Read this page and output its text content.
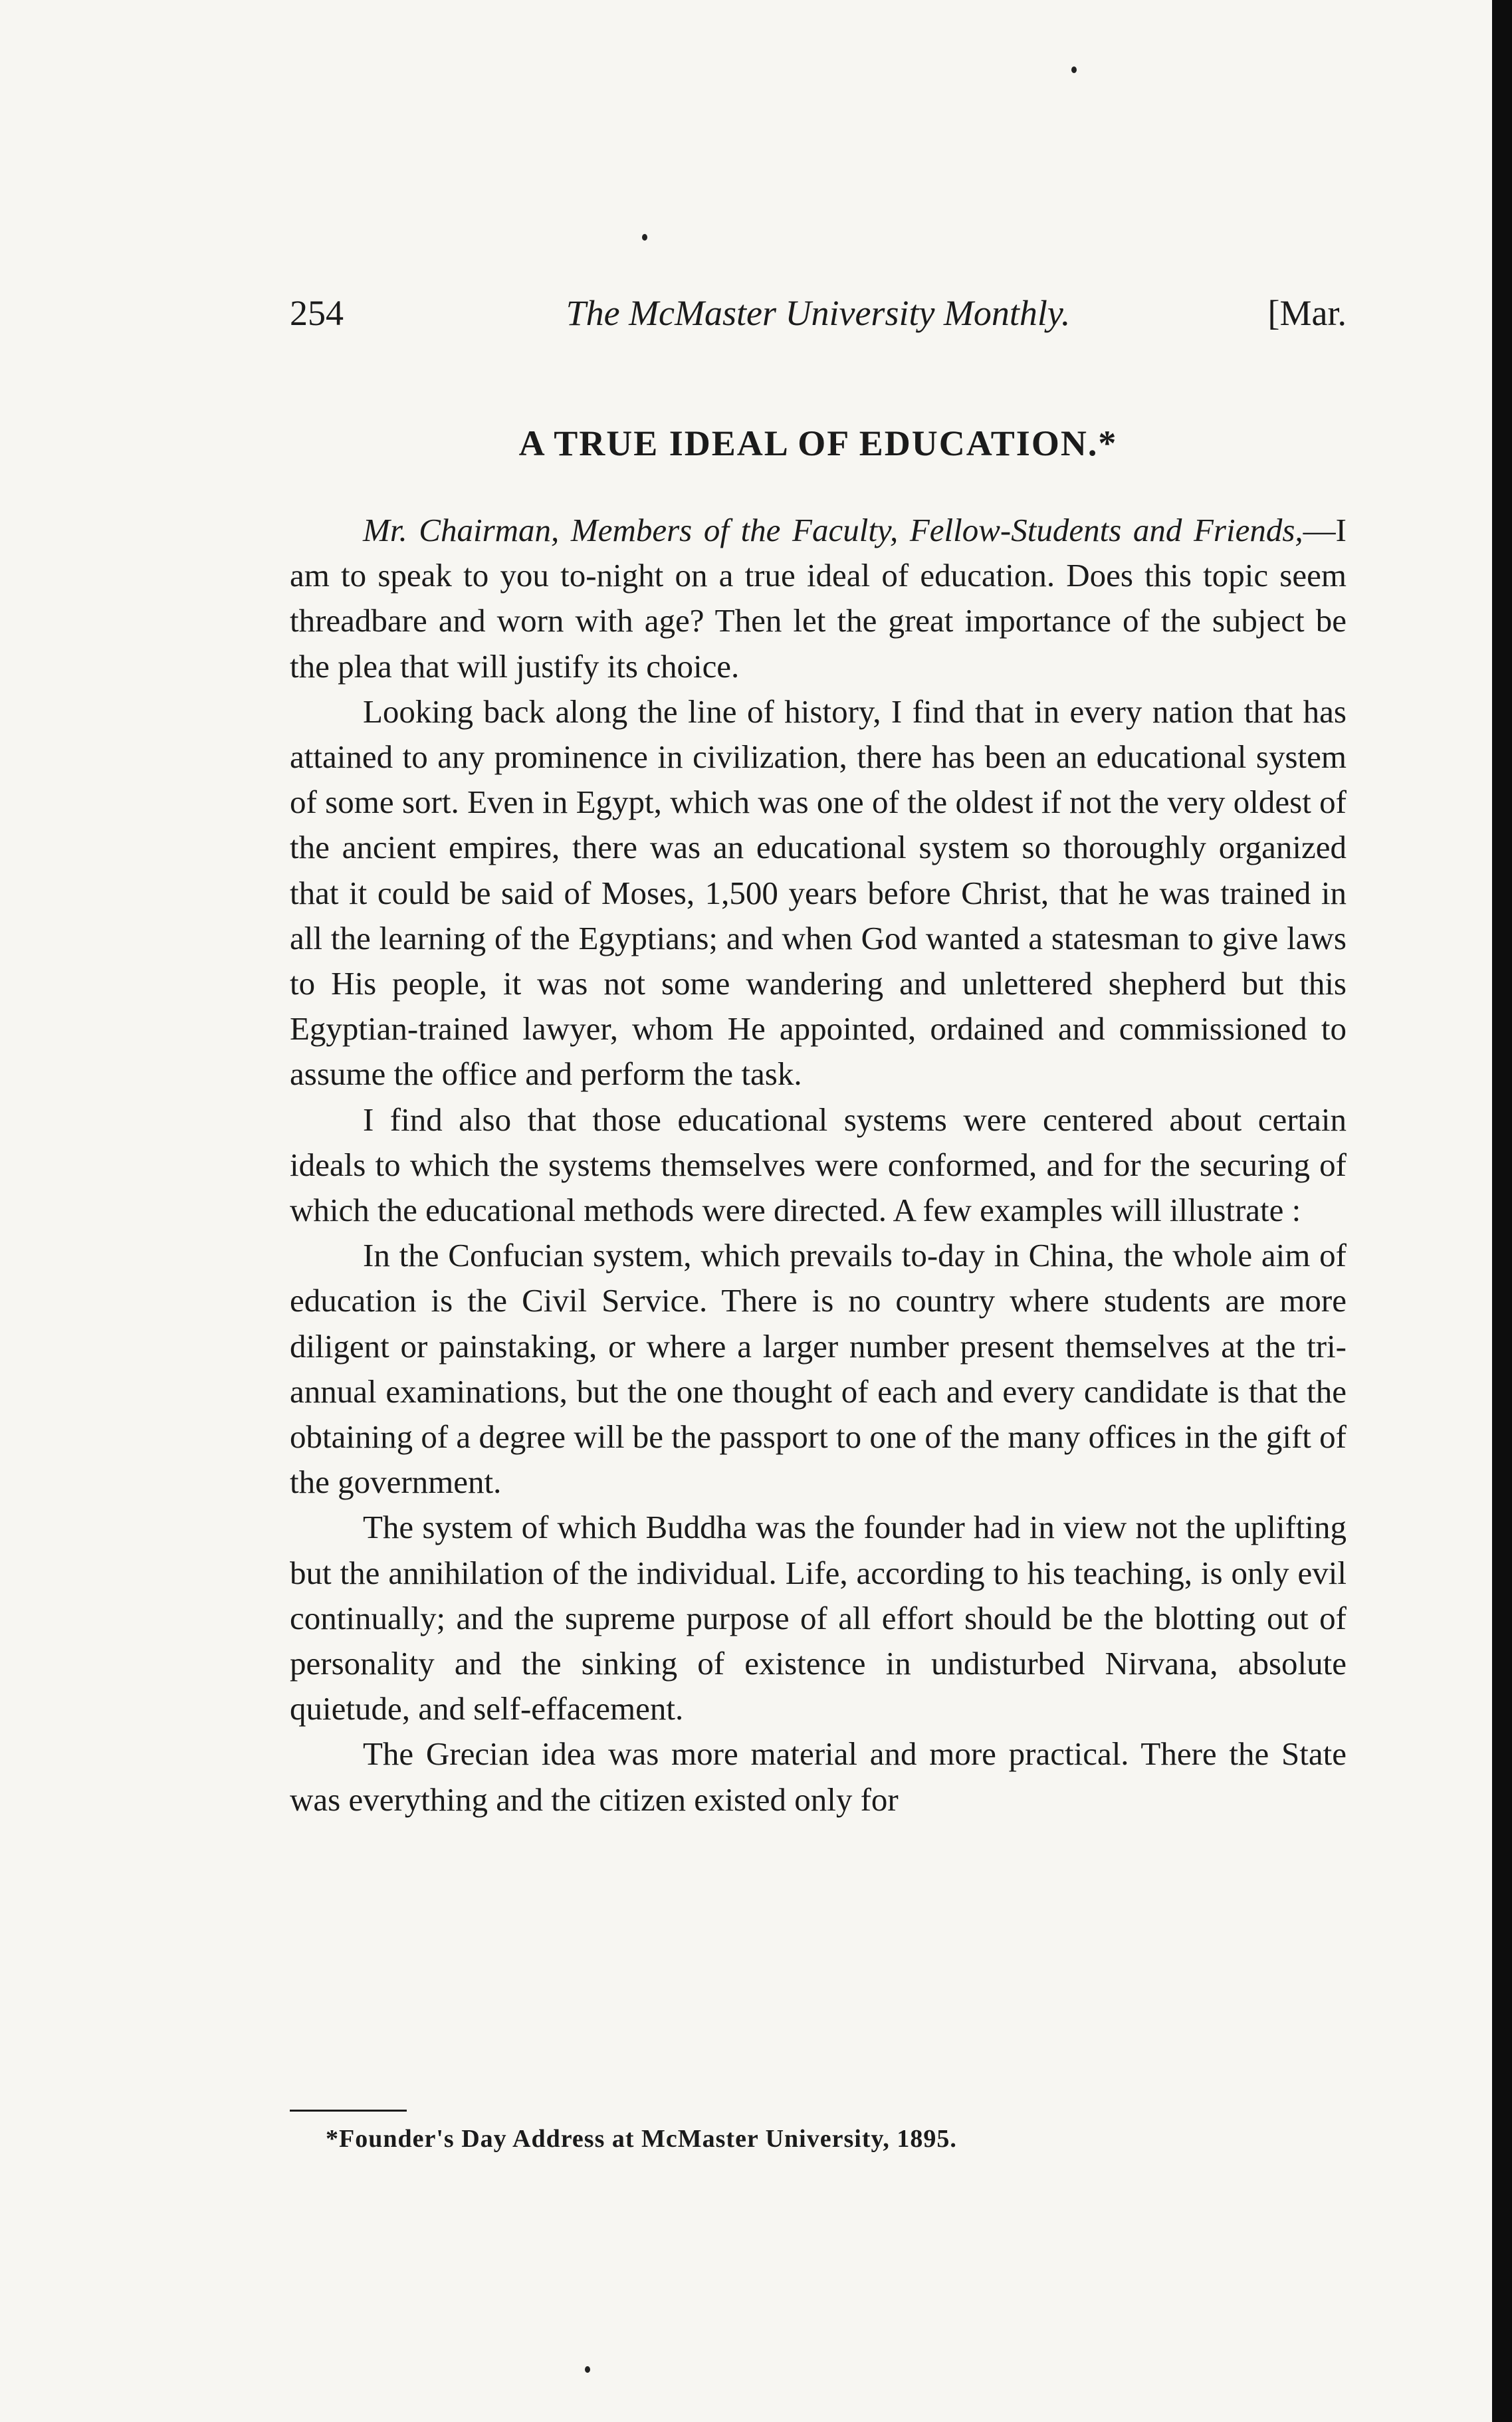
254	The McMaster University Monthly.	[Mar.
A TRUE IDEAL OF EDUCATION.*

Mr. Chairman, Members of the Faculty, Fellow-Students and Friends,—I am to speak to you to-night on a true ideal of education. Does this topic seem threadbare and worn with age? Then let the great importance of the subject be the plea that will justify its choice.

Looking back along the line of history, I find that in every nation that has attained to any prominence in civilization, there has been an educational system of some sort. Even in Egypt, which was one of the oldest if not the very oldest of the ancient empires, there was an educational system so thoroughly organized that it could be said of Moses, 1,500 years before Christ, that he was trained in all the learning of the Egyptians; and when God wanted a statesman to give laws to His people, it was not some wandering and unlettered shepherd but this Egyptian-trained lawyer, whom He appointed, ordained and commissioned to assume the office and perform the task.

I find also that those educational systems were centered about certain ideals to which the systems themselves were conformed, and for the securing of which the educational methods were directed. A few examples will illustrate :

In the Confucian system, which prevails to-day in China, the whole aim of education is the Civil Service. There is no country where students are more diligent or painstaking, or where a larger number present themselves at the tri-annual examinations, but the one thought of each and every candidate is that the obtaining of a degree will be the passport to one of the many offices in the gift of the government.

The system of which Buddha was the founder had in view not the uplifting but the annihilation of the individual. Life, according to his teaching, is only evil continually; and the supreme purpose of all effort should be the blotting out of personality and the sinking of existence in undisturbed Nirvana, absolute quietude, and self-effacement.

The Grecian idea was more material and more practical. There the State was everything and the citizen existed only for

*Founder's Day Address at McMaster University, 1895.
